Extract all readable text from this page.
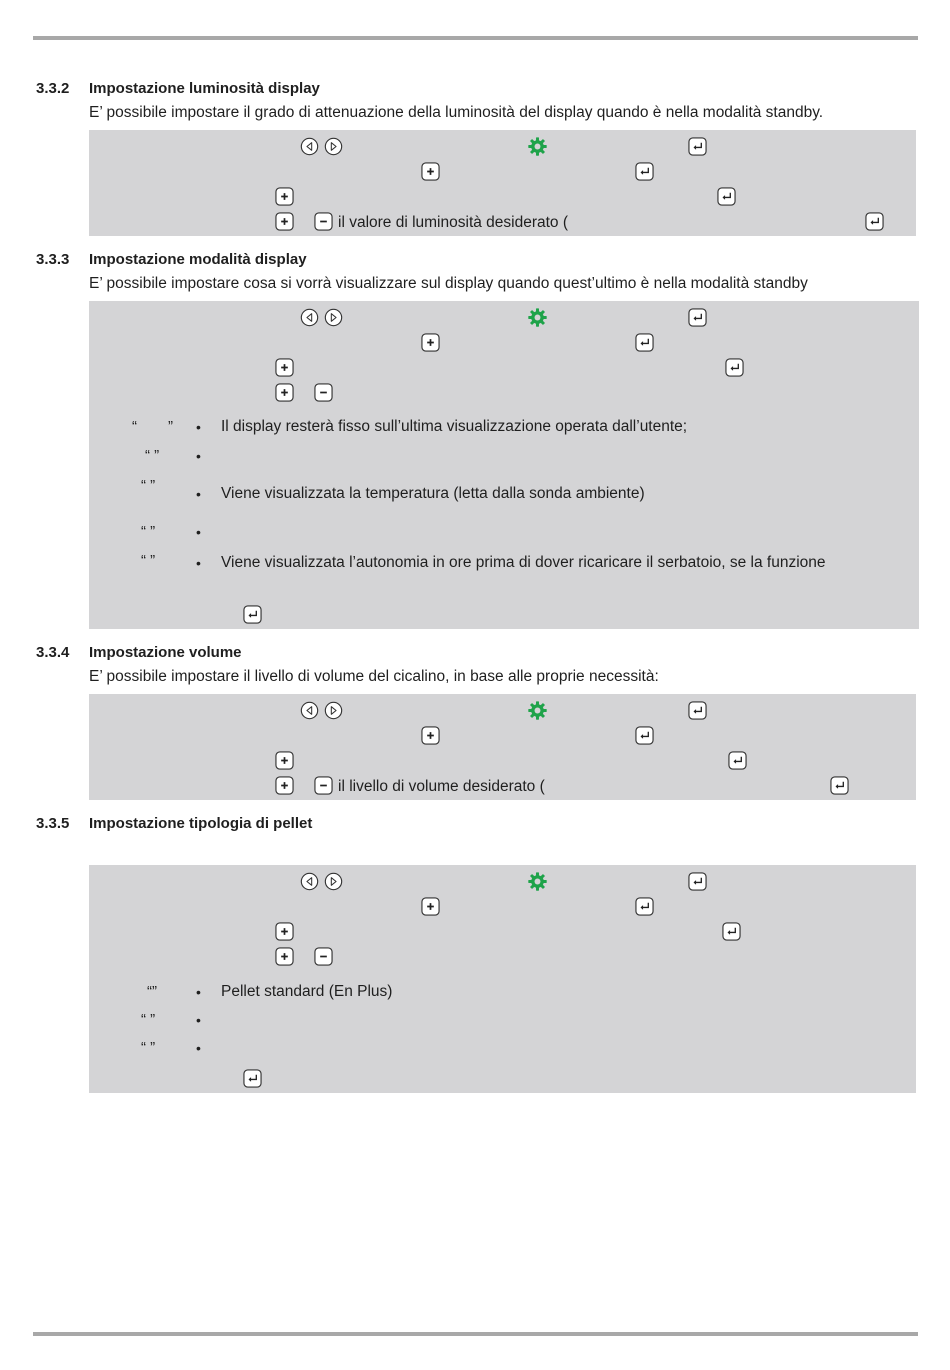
3.3.2 Impostazione luminosità display
E’ possibile impostare il grado di attenuazione della luminosità del display quando è nella modalità standby.
il valore di luminosità desiderato (
3.3.3 Impostazione modalità display
E’ possibile impostare cosa si vorrà visualizzare sul display quando quest’ultimo è nella modalità standby
“ ” • Il display resterà fisso sull’ultima visualizzazione operata dall’utente;
“ ”	•
“ ”	• Viene visualizzata la temperatura (letta dalla sonda ambiente)
“ ”	•
“ ”	• Viene visualizzata l’autonomia in ore prima di dover ricaricare il serbatoio, se la funzione
3.3.4 Impostazione volume
E’ possibile impostare il livello di volume del cicalino, in base alle proprie necessità:
il livello di volume desiderato (
3.3.5 Impostazione tipologia di pellet
“”	• Pellet standard (En Plus)
“ ”	•
“ ”	•
